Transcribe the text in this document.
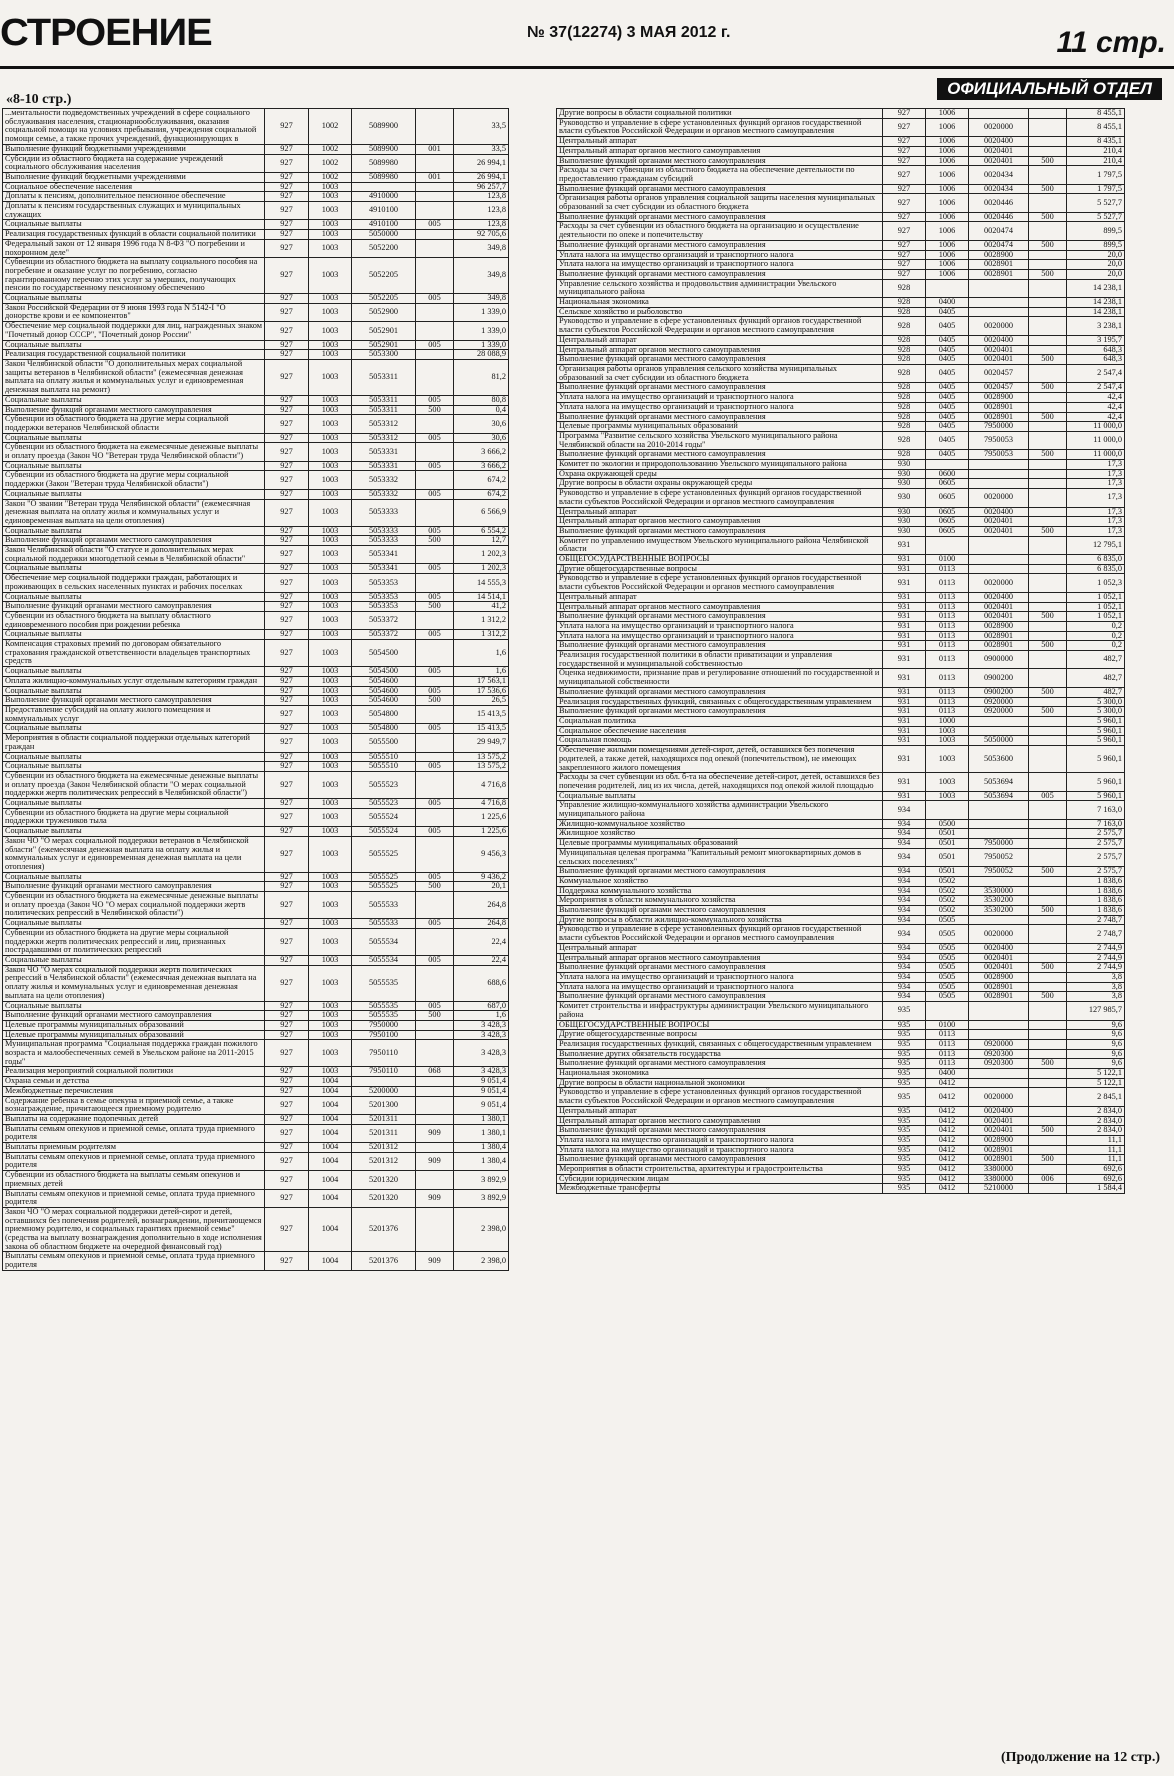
СТРОЕНИЕ	№ 37(12274) 3 МАЯ 2012 г.	11 стр.
ОФИЦИАЛЬНЫЙ ОТДЕЛ
«8-10 стр.)
...ментальности подведомственных учреждений в сфере социального обслуживания населения, стационарнообслуживания, оказания социальной помощи на условиях пребывания, учреждения социальной помощи семье, а также прочих учреждений, функционирующих в	927	1002	5089900		33,5
Выполнение функций бюджетными учреждениями	927	1002	5089900	001	33,5
Субсидии из областного бюджета на содержание учреждений социального обслуживания населения	927	1002	5089980		26 994,1
Выполнение функций бюджетными учреждениями	927	1002	5089980	001	26 994,1
Социальное обеспечение населения	927	1003			96 257,7
Доплаты к пенсиям, дополнительное пенсионное обеспечение	927	1003	4910000		123,8
Доплаты к пенсиям государственных служащих и муниципальных служащих	927	1003	4910100		123,8
Социальные выплаты	927	1003	4910100	005	123,8
Реализация государственных функций в области социальной политики	927	1003	5050000		92 705,6
Федеральный закон от 12 января 1996 года N 8-ФЗ "О погребении и похоронном деле"	927	1003	5052200		349,8
Субвенции из областного бюджета на выплату социального пособия на погребение и оказание услуг по погребению, согласно гарантированному перечню этих услуг за умерших, получающих пенсии по государственному пенсионному обеспечению	927	1003	5052205		349,8
Социальные выплаты	927	1003	5052205	005	349,8
Закон Российской Федерации от 9 июня 1993 года N 5142-I "О донорстве крови и ее компонентов"	927	1003	5052900		1 339,0
Обеспечение мер социальной поддержки для лиц, награжденных знаком "Почетный донор СССР", "Почетный донор России"	927	1003	5052901		1 339,0
Социальные выплаты	927	1003	5052901	005	1 339,0
Реализация государственной социальной политики	927	1003	5053300		28 088,9
Закон Челябинской области "О дополнительных мерах социальной защиты ветеранов в Челябинской области" (ежемесячная денежная выплата на оплату жилья и коммунальных услуг и единовременная денежная выплата на ремонт)	927	1003	5053311		81,2
Социальные выплаты	927	1003	5053311	005	80,8
Выполнение функций органами местного самоуправления	927	1003	5053311	500	0,4
Субвенции из областного бюджета на другие меры социальной поддержки ветеранов Челябинской области	927	1003	5053312		30,6
Социальные выплаты	927	1003	5053312	005	30,6
Субвенции из областного бюджета на ежемесячные денежные выплаты и оплату проезда (Закон ЧО "Ветеран труда Челябинской области")	927	1003	5053331		3 666,2
Социальные выплаты	927	1003	5053331	005	3 666,2
Субвенции из областного бюджета на другие меры социальной поддержки (Закон "Ветеран труда Челябинской области")	927	1003	5053332		674,2
Социальные выплаты	927	1003	5053332	005	674,2
Закон "О звании "Ветеран труда Челябинской области" (ежемесячная денежная выплата на оплату жилья и коммунальных услуг и единовременная выплата на цели отопления)	927	1003	5053333		6 566,9
Социальные выплаты	927	1003	5053333	005	6 554,2
Выполнение функций органами местного самоуправления	927	1003	5053333	500	12,7
Закон Челябинской области "О статусе и дополнительных мерах социальной поддержки многодетной семьи в Челябинской области"	927	1003	5053341		1 202,3
Социальные выплаты	927	1003	5053341	005	1 202,3
Обеспечение мер социальной поддержки граждан, работающих и проживающих в сельских населенных пунктах и рабочих поселках	927	1003	5053353		14 555,3
Социальные выплаты	927	1003	5053353	005	14 514,1
Выполнение функций органами местного самоуправления	927	1003	5053353	500	41,2
Субвенции из областного бюджета на выплату областного единовременного пособия при рождении ребенка	927	1003	5053372		1 312,2
Социальные выплаты	927	1003	5053372	005	1 312,2
Компенсация страховых премий по договорам обязательного страхования гражданской ответственности владельцев транспортных средств	927	1003	5054500		1,6
Социальные выплаты	927	1003	5054500	005	1,6
Оплата жилищно-коммунальных услуг отдельным категориям граждан	927	1003	5054600		17 563,1
Социальные выплаты	927	1003	5054600	005	17 536,6
Выполнение функций органами местного самоуправления	927	1003	5054600	500	26,5
Предоставление субсидий на оплату жилого помещения и коммунальных услуг	927	1003	5054800		15 413,5
Социальные выплаты	927	1003	5054800	005	15 413,5
Мероприятия в области социальной поддержки отдельных категорий граждан	927	1003	5055500		29 949,7
Социальные выплаты	927	1003	5055510		13 575,2
Социальные выплаты	927	1003	5055510	005	13 575,2
Субвенции из областного бюджета на ежемесячные денежные выплаты и оплату проезда (Закон Челябинской области "О мерах социальной поддержки жертв политических репрессий в Челябинской области")	927	1003	5055523		4 716,8
Социальные выплаты	927	1003	5055523	005	4 716,8
Субвенции из областного бюджета на другие меры социальной поддержки тружеников тыла	927	1003	5055524		1 225,6
Социальные выплаты	927	1003	5055524	005	1 225,6
Закон ЧО "О мерах социальной поддержки ветеранов в Челябинской области" (ежемесячная денежная выплата на оплату жилья и коммунальных услуг и единовременная денежная выплата на цели отопления)	927	1003	5055525		9 456,3
Социальные выплаты	927	1003	5055525	005	9 436,2
Выполнение функций органами местного самоуправления	927	1003	5055525	500	20,1
Субвенции из областного бюджета на ежемесячные денежные выплаты и оплату проезда (Закон ЧО "О мерах социальной поддержки жертв политических репрессий в Челябинской области")	927	1003	5055533		264,8
Социальные выплаты	927	1003	5055533	005	264,8
Субвенции из областного бюджета на другие меры социальной поддержки жертв политических репрессий и лиц, признанных пострадавшими от политических репрессий	927	1003	5055534		22,4
Социальные выплаты	927	1003	5055534	005	22,4
Закон ЧО "О мерах социальной поддержки жертв политических репрессий в Челябинской области" (ежемесячная денежная выплата на оплату жилья и коммунальных услуг и единовременная денежная выплата на цели отопления)	927	1003	5055535		688,6
Социальные выплаты	927	1003	5055535	005	687,0
Выполнение функций органами местного самоуправления	927	1003	5055535	500	1,6
Целевые программы муниципальных образований	927	1003	7950000		3 428,3
Целевые программы муниципальных образований	927	1003	7950100		3 428,3
Муниципальная программа "Социальная поддержка граждан пожилого возраста и малообеспеченных семей в Увельском районе на 2011-2015 годы"	927	1003	7950110		3 428,3
Реализация мероприятий социальной политики	927	1003	7950110	068	3 428,3
Охрана семьи и детства	927	1004			9 051,4
Межбюджетные перечисления	927	1004	5200000		9 051,4
Содержание ребенка в семье опекуна и приемной семье, а также вознаграждение, причитающееся приемному родителю	927	1004	5201300		9 051,4
Выплаты на содержание подопечных детей	927	1004	5201311		1 380,1
Выплаты семьям опекунов и приемной семье, оплата труда приемного родителя	927	1004	5201311	909	1 380,1
Выплаты приемным родителям	927	1004	5201312		1 380,4
Выплаты семьям опекунов и приемной семье, оплата труда приемного родителя	927	1004	5201312	909	1 380,4
Субвенции из областного бюджета на выплаты семьям опекунов и приемных детей	927	1004	5201320		3 892,9
Выплаты семьям опекунов и приемной семье, оплата труда приемного родителя	927	1004	5201320	909	3 892,9
Закон ЧО "О мерах социальной поддержки детей-сирот и детей, оставшихся без попечения родителей, вознаграждении, причитающемся приемному родителю, и социальных гарантиях приемной семье" (средства на выплату вознаграждения дополнительно в ходе исполнения закона об областном бюджете на очередной финансовый год)	927	1004	5201376		2 398,0
Выплаты семьям опекунов и приемной семье, оплата труда приемного родителя	927	1004	5201376	909	2 398,0
Другие вопросы в области социальной политики	927	1006			8 455,1
Руководство и управление в сфере установленных функций органов государственной власти субъектов Российской Федерации и органов местного самоуправления	927	1006	0020000		8 455,1
Центральный аппарат	927	1006	0020400		8 435,1
Центральный аппарат органов местного самоуправления	927	1006	0020401		210,4
Выполнение функций органами местного самоуправления	927	1006	0020401	500	210,4
Расходы за счет субвенции из областного бюджета на обеспечение деятельности по предоставлению гражданам субсидий	927	1006	0020434		1 797,5
Выполнение функций органами местного самоуправления	927	1006	0020434	500	1 797,5
Организация работы органов управления социальной защиты населения муниципальных образований за счет субсидии из областного бюджета	927	1006	0020446		5 527,7
Выполнение функций органами местного самоуправления	927	1006	0020446	500	5 527,7
Расходы за счет субвенции из областного бюджета на организацию и осуществление деятельности по опеке и попечительству	927	1006	0020474		899,5
Выполнение функций органами местного самоуправления	927	1006	0020474	500	899,5
Уплата налога на имущество организаций и транспортного налога	927	1006	0028900		20,0
Уплата налога на имущество организаций и транспортного налога	927	1006	0028901		20,0
Выполнение функций органами местного самоуправления	927	1006	0028901	500	20,0
Управление сельского хозяйства и продовольствия администрации Увельского муниципального района	928				14 238,1
Национальная экономика	928	0400			14 238,1
Сельское хозяйство и рыболовство	928	0405			14 238,1
Руководство и управление в сфере установленных функций органов государственной власти субъектов Российской Федерации и органов местного самоуправления	928	0405	0020000		3 238,1
Центральный аппарат	928	0405	0020400		3 195,7
Центральный аппарат органов местного самоуправления	928	0405	0020401		648,3
Выполнение функций органами местного самоуправления	928	0405	0020401	500	648,3
Организация работы органов управления сельского хозяйства муниципальных образований за счет субсидии из областного бюджета	928	0405	0020457		2 547,4
Выполнение функций органами местного самоуправления	928	0405	0020457	500	2 547,4
Уплата налога на имущество организаций и транспортного налога	928	0405	0028900		42,4
Уплата налога на имущество организаций и транспортного налога	928	0405	0028901		42,4
Выполнение функций органами местного самоуправления	928	0405	0028901	500	42,4
Целевые программы муниципальных образований	928	0405	7950000		11 000,0
Программа "Развитие сельского хозяйства Увельского муниципального района Челябинской области на 2010-2014 годы"	928	0405	7950053		11 000,0
Выполнение функций органами местного самоуправления	928	0405	7950053	500	11 000,0
Комитет по экологии и природопользованию Увельского муниципального района	930				17,3
Охрана окружающей среды	930	0600			17,3
Другие вопросы в области охраны окружающей среды	930	0605			17,3
Руководство и управление в сфере установленных функций органов государственной власти субъектов Российской Федерации и органов местного самоуправления	930	0605	0020000		17,3
Центральный аппарат	930	0605	0020400		17,3
Центральный аппарат органов местного самоуправления	930	0605	0020401		17,3
Выполнение функций органами местного самоуправления	930	0605	0020401	500	17,3
Комитет по управлению имуществом Увельского муниципального района Челябинской области	931				12 795,1
ОБЩЕГОСУДАРСТВЕННЫЕ ВОПРОСЫ	931	0100			6 835,0
Другие общегосударственные вопросы	931	0113			6 835,0
Руководство и управление в сфере установленных функций органов государственной власти субъектов Российской Федерации и органов местного самоуправления	931	0113	0020000		1 052,3
Центральный аппарат	931	0113	0020400		1 052,1
Центральный аппарат органов местного самоуправления	931	0113	0020401		1 052,1
Выполнение функций органами местного самоуправления	931	0113	0020401	500	1 052,1
Уплата налога на имущество организаций и транспортного налога	931	0113	0028900		0,2
Уплата налога на имущество организаций и транспортного налога	931	0113	0028901		0,2
Выполнение функций органами местного самоуправления	931	0113	0028901	500	0,2
Реализация государственной политики в области приватизации и управления государственной и муниципальной собственностью	931	0113	0900000		482,7
Оценка недвижимости, признание прав и регулирование отношений по государственной и муниципальной собственности	931	0113	0900200		482,7
Выполнение функций органами местного самоуправления	931	0113	0900200	500	482,7
Реализация государственных функций, связанных с общегосударственным управлением	931	0113	0920000		5 300,0
Выполнение функций органами местного самоуправления	931	0113	0920000	500	5 300,0
Социальная политика	931	1000			5 960,1
Социальное обеспечение населения	931	1003			5 960,1
Социальная помощь	931	1003	5050000		5 960,1
Обеспечение жилыми помещениями детей-сирот, детей, оставшихся без попечения родителей, а также детей, находящихся под опекой (попечительством), не имеющих закрепленного жилого помещения	931	1003	5053600		5 960,1
Расходы за счет субвенции из обл. б-та на обеспечение детей-сирот, детей, оставшихся без попечения родителей, лиц из их числа, детей, находящихся под опекой жилой площадью	931	1003	5053694		5 960,1
Социальные выплаты	931	1003	5053694	005	5 960,1
Управление жилищно-коммунального хозяйства администрации Увельского муниципального района	934				7 163,0
Жилищно-коммунальное хозяйство	934	0500			7 163,0
Жилищное хозяйство	934	0501			2 575,7
Целевые программы муниципальных образований	934	0501	7950000		2 575,7
Муниципальная целевая программа "Капитальный ремонт многоквартирных домов в сельских поселениях"	934	0501	7950052		2 575,7
Выполнение функций органами местного самоуправления	934	0501	7950052	500	2 575,7
Коммунальное хозяйство	934	0502			1 838,6
Поддержка коммунального хозяйства	934	0502	3530000		1 838,6
Мероприятия в области коммунального хозяйства	934	0502	3530200		1 838,6
Выполнение функций органами местного самоуправления	934	0502	3530200	500	1 838,6
Другие вопросы в области жилищно-коммунального хозяйства	934	0505			2 748,7
Руководство и управление в сфере установленных функций органов государственной власти субъектов Российской Федерации и органов местного самоуправления	934	0505	0020000		2 748,7
Центральный аппарат	934	0505	0020400		2 744,9
Центральный аппарат органов местного самоуправления	934	0505	0020401		2 744,9
Выполнение функций органами местного самоуправления	934	0505	0020401	500	2 744,9
Уплата налога на имущество организаций и транспортного налога	934	0505	0028900		3,8
Уплата налога на имущество организаций и транспортного налога	934	0505	0028901		3,8
Выполнение функций органами местного самоуправления	934	0505	0028901	500	3,8
Комитет строительства и инфраструктуры администрации Увельского муниципального района	935				127 985,7
ОБЩЕГОСУДАРСТВЕННЫЕ ВОПРОСЫ	935	0100			9,6
Другие общегосударственные вопросы	935	0113			9,6
Реализация государственных функций, связанных с общегосударственным управлением	935	0113	0920000		9,6
Выполнение других обязательств государства	935	0113	0920300		9,6
Выполнение функций органами местного самоуправления	935	0113	0920300	500	9,6
Национальная экономика	935	0400			5 122,1
Другие вопросы в области национальной экономики	935	0412			5 122,1
Руководство и управление в сфере установленных функций органов государственной власти субъектов Российской Федерации и органов местного самоуправления	935	0412	0020000		2 845,1
Центральный аппарат	935	0412	0020400		2 834,0
Центральный аппарат органов местного самоуправления	935	0412	0020401		2 834,0
Выполнение функций органами местного самоуправления	935	0412	0020401	500	2 834,0
Уплата налога на имущество организаций и транспортного налога	935	0412	0028900		11,1
Уплата налога на имущество организаций и транспортного налога	935	0412	0028901		11,1
Выполнение функций органами местного самоуправления	935	0412	0028901	500	11,1
Мероприятия в области строительства, архитектуры и градостроительства	935	0412	3380000		692,6
Субсидии юридическим лицам	935	0412	3380000	006	692,6
Межбюджетные трансферты	935	0412	5210000		1 584,4
(Продолжение на 12 стр.)
